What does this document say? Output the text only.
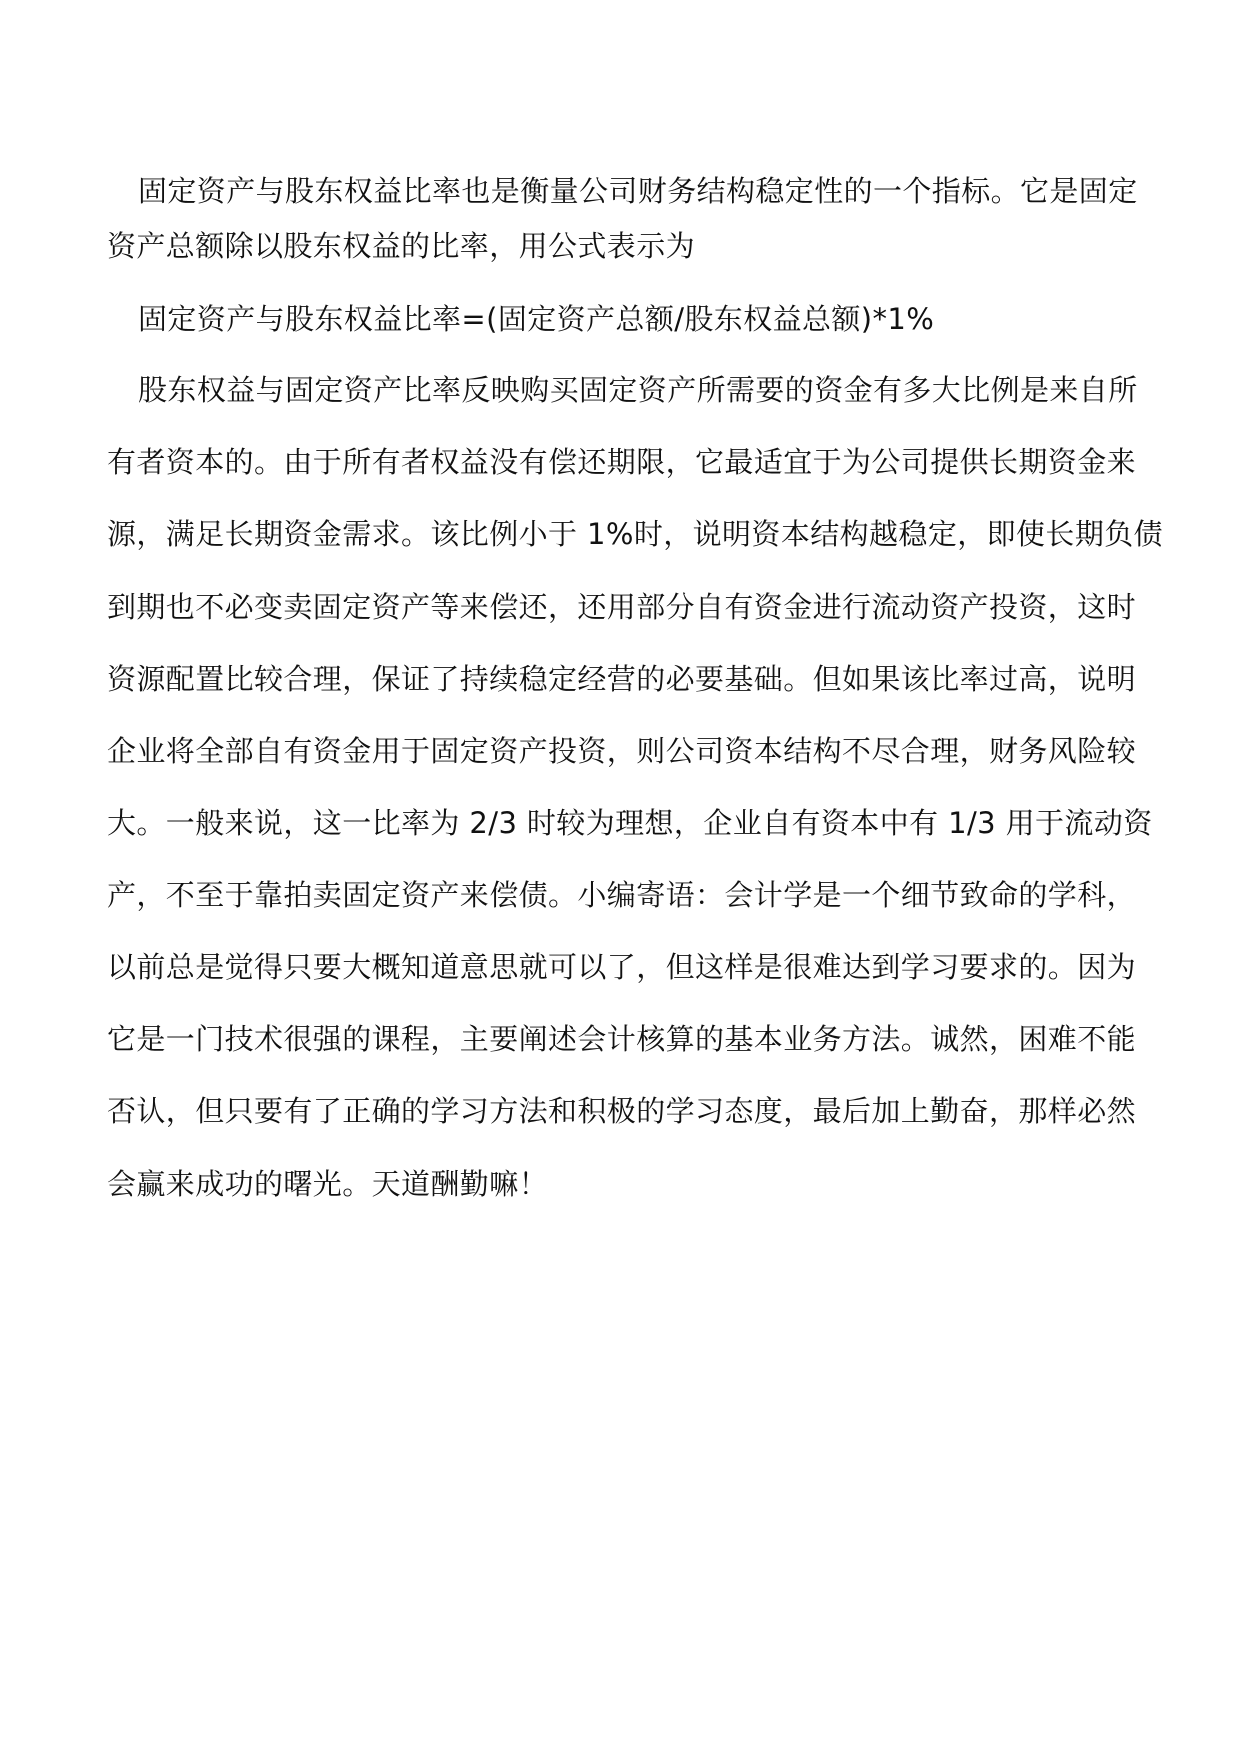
固定资产与股东权益比率也是衡量公司财务结构稳定性的一个指标。它是固定
资产总额除以股东权益的比率，用公式表示为
固定资产与股东权益比率=(固定资产总额/股东权益总额)*1%
股东权益与固定资产比率反映购买固定资产所需要的资金有多大比例是来自所
有者资本的。由于所有者权益没有偿还期限，它最适宜于为公司提供长期资金来
源，满足长期资金需求。该比例小于 1%时，说明资本结构越稳定，即使长期负债
到期也不必变卖固定资产等来偿还，还用部分自有资金进行流动资产投资，这时
资源配置比较合理，保证了持续稳定经营的必要基础。但如果该比率过高，说明
企业将全部自有资金用于固定资产投资，则公司资本结构不尽合理，财务风险较
大。一般来说，这一比率为 2/3 时较为理想，企业自有资本中有 1/3 用于流动资
产，不至于靠拍卖固定资产来偿债。小编寄语：会计学是一个细节致命的学科，
以前总是觉得只要大概知道意思就可以了，但这样是很难达到学习要求的。因为
它是一门技术很强的课程，主要阐述会计核算的基本业务方法。诚然，困难不能
否认，但只要有了正确的学习方法和积极的学习态度，最后加上勤奋，那样必然
会赢来成功的曙光。天道酬勤嘛！
